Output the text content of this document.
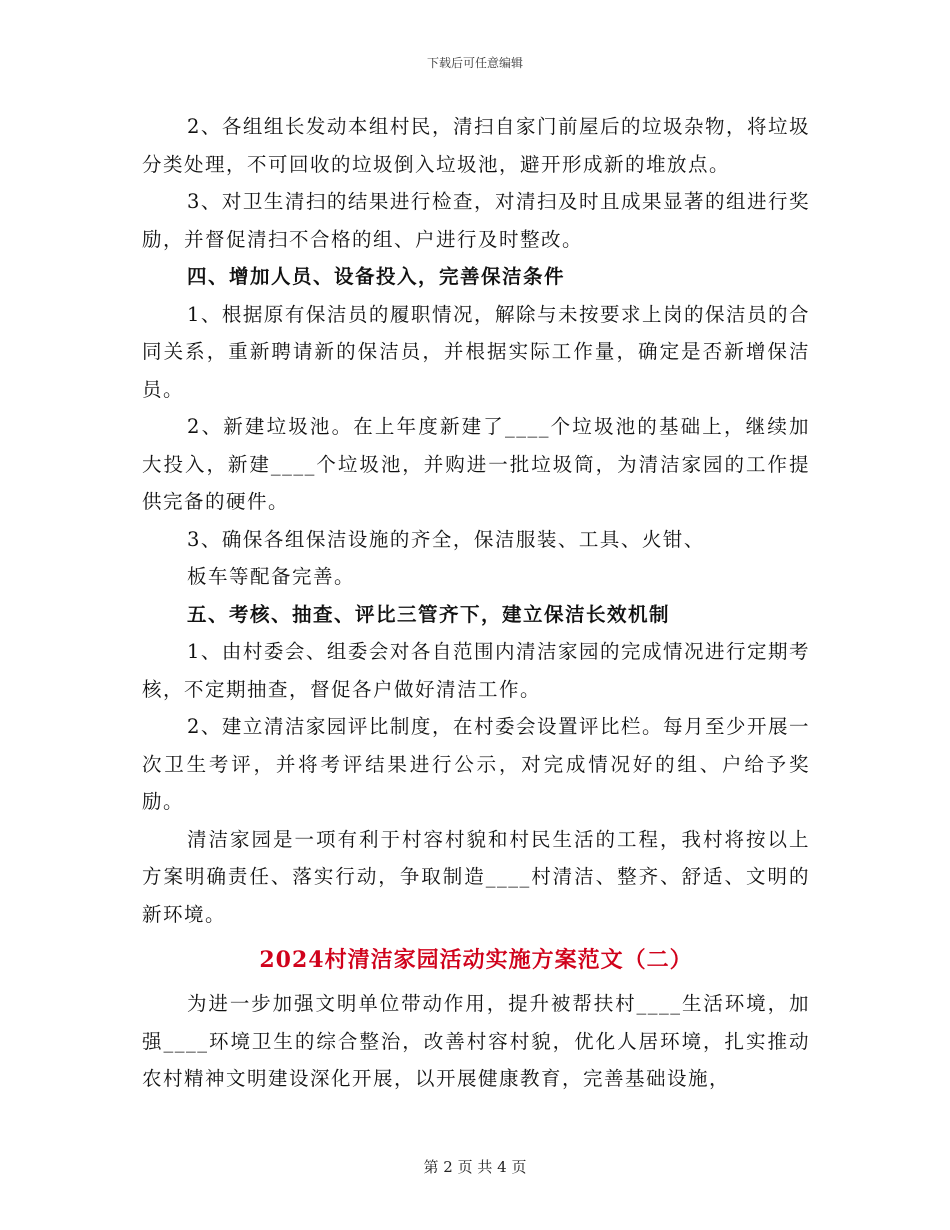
下载后可任意编辑

2、各组组长发动本组村民，清扫自家门前屋后的垃圾杂物，将垃圾分类处理，不可回收的垃圾倒入垃圾池，避开形成新的堆放点。

3、对卫生清扫的结果进行检查，对清扫及时且成果显著的组进行奖励，并督促清扫不合格的组、户进行及时整改。

四、增加人员、设备投入，完善保洁条件

1、根据原有保洁员的履职情况，解除与未按要求上岗的保洁员的合同关系，重新聘请新的保洁员，并根据实际工作量，确定是否新增保洁员。

2、新建垃圾池。在上年度新建了____个垃圾池的基础上，继续加大投入，新建____个垃圾池，并购进一批垃圾筒，为清洁家园的工作提供完备的硬件。

3、确保各组保洁设施的齐全，保洁服装、工具、火钳、

板车等配备完善。

五、考核、抽查、评比三管齐下，建立保洁长效机制

1、由村委会、组委会对各自范围内清洁家园的完成情况进行定期考核，不定期抽查，督促各户做好清洁工作。

2、建立清洁家园评比制度，在村委会设置评比栏。每月至少开展一次卫生考评，并将考评结果进行公示，对完成情况好的组、户给予奖励。

清洁家园是一项有利于村容村貌和村民生活的工程，我村将按以上方案明确责任、落实行动，争取制造____村清洁、整齐、舒适、文明的新环境。

2024村清洁家园活动实施方案范文（二）

为进一步加强文明单位带动作用，提升被帮扶村____生活环境，加强____环境卫生的综合整治，改善村容村貌，优化人居环境，扎实推动农村精神文明建设深化开展，以开展健康教育，完善基础设施，

第 2 页 共 4 页
